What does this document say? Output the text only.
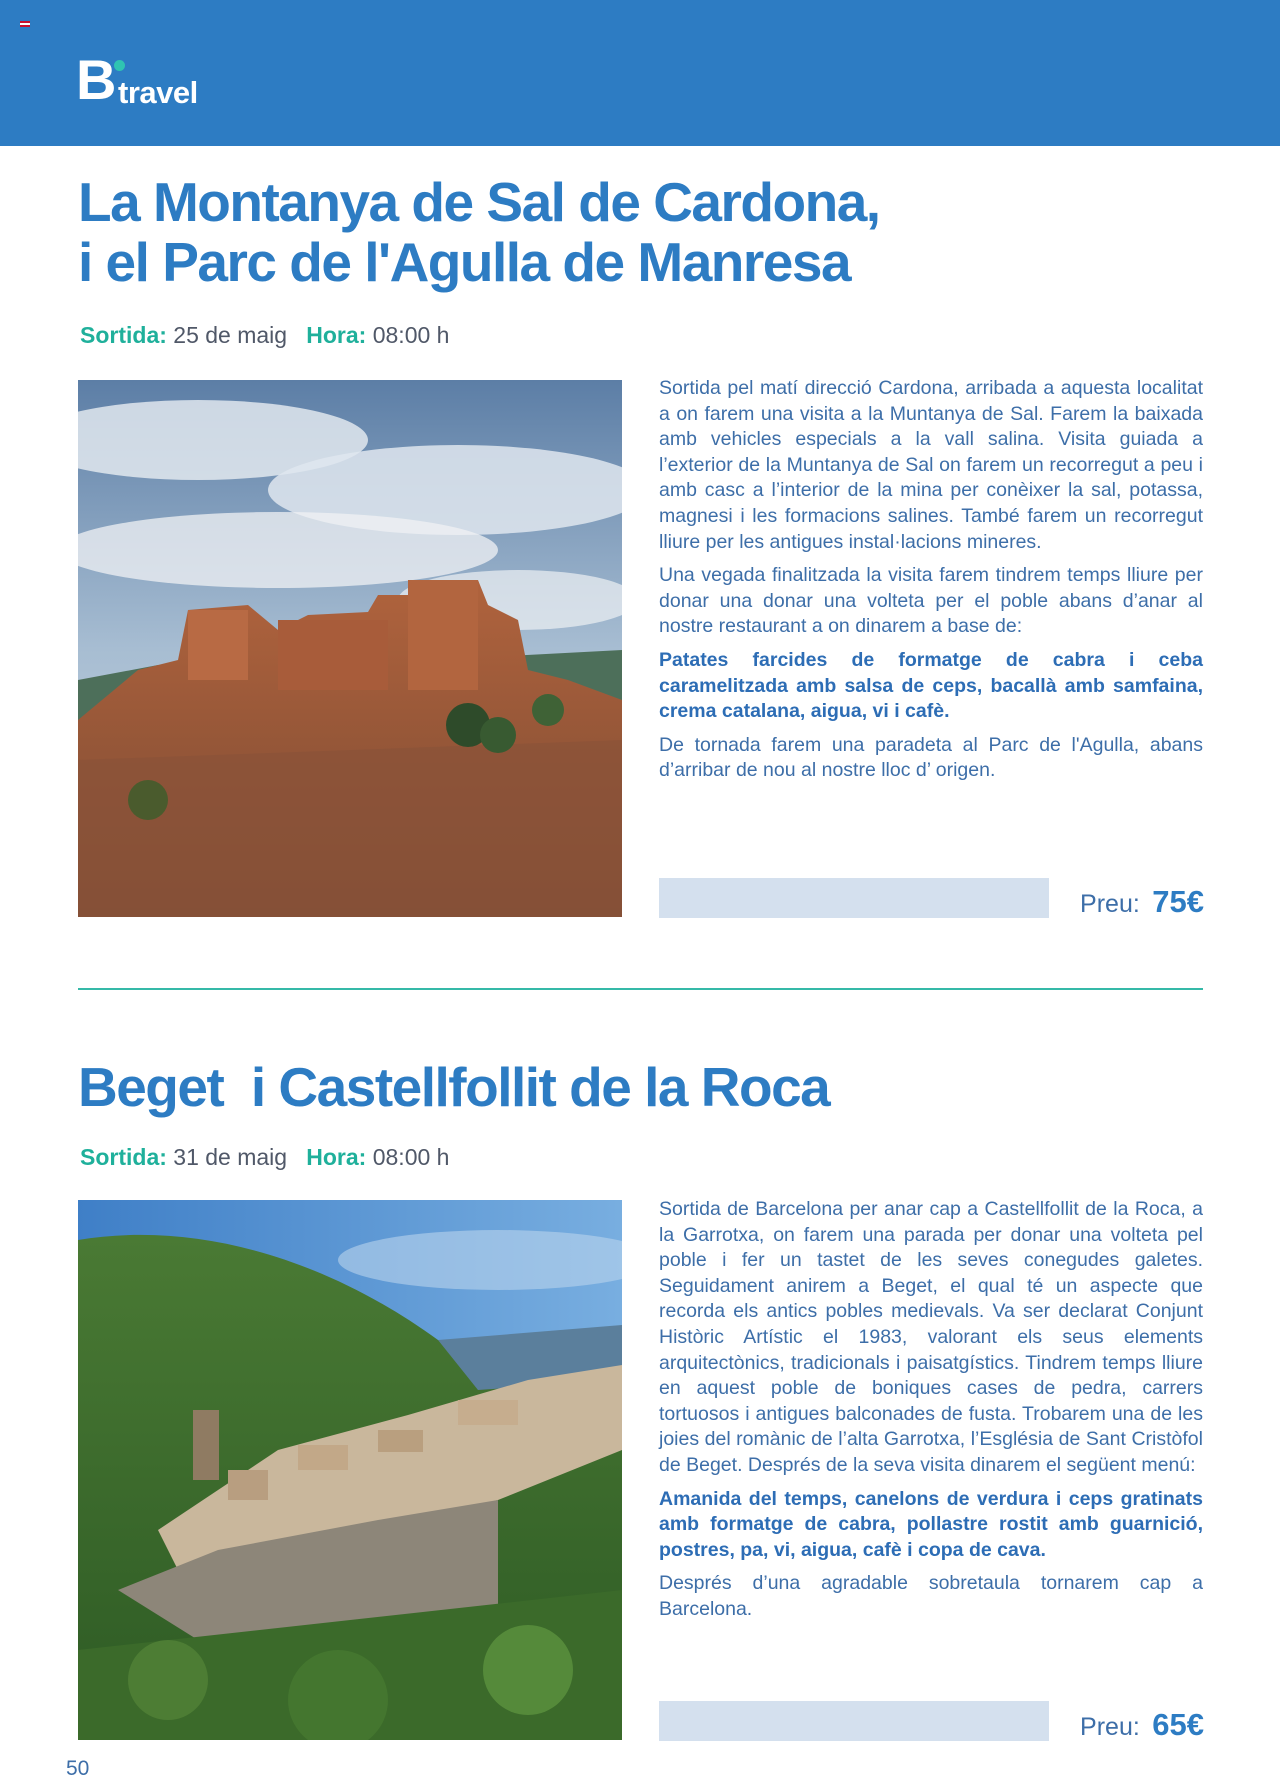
B travel
La Montanya de Sal de Cardona,
i el Parc de l'Agulla de Manresa
Sortida: 25 de maig Hora: 08:00 h

Sortida pel matí direcció Cardona, arribada a aquesta localitat a on farem una visita a la Muntanya de Sal. Farem la baixada amb vehicles especials a la vall salina. Visita guiada a l’exterior de la Muntanya de Sal on farem un recorregut a peu i amb casc a l’interior de la mina per conèixer la sal, potassa, magnesi i les formacions salines. També farem un recorregut lliure per les antigues instal·lacions mineres.

Una vegada finalitzada la visita farem tindrem temps lliure per donar una donar una volteta per el poble abans d’anar al nostre restaurant a on dinarem a base de:

Patates farcides de formatge de cabra i ceba caramelitzada amb salsa de ceps, bacallà amb samfaina, crema catalana, aigua, vi i cafè.

De tornada farem una paradeta al Parc de l'Agulla, abans d’arribar de nou al nostre lloc d’ origen.

Preu: 75€
Beget  i Castellfollit de la Roca
Sortida: 31 de maig Hora: 08:00 h

Sortida de Barcelona per anar cap a Castellfollit de la Roca, a la Garrotxa, on farem una parada per donar una volteta pel poble i fer un tastet de les seves conegudes galetes. Seguidament anirem a Beget, el qual té un aspecte que recorda els antics pobles medievals. Va ser declarat Conjunt Històric Artístic el 1983, valorant els seus elements arquitectònics, tradicionals i paisatgístics. Tindrem temps lliure en aquest poble de boniques cases de pedra, carrers tortuosos i antigues balconades de fusta. Trobarem una de les joies del romànic de l’alta Garrotxa, l’Església de Sant Cristòfol de Beget. Després de la seva visita dinarem el següent menú:

Amanida del temps, canelons de verdura i ceps gratinats amb formatge de cabra, pollastre rostit amb guarnició, postres, pa, vi, aigua, cafè i copa de cava.

Després d’una agradable sobretaula tornarem cap a Barcelona.

Preu: 65€
50
